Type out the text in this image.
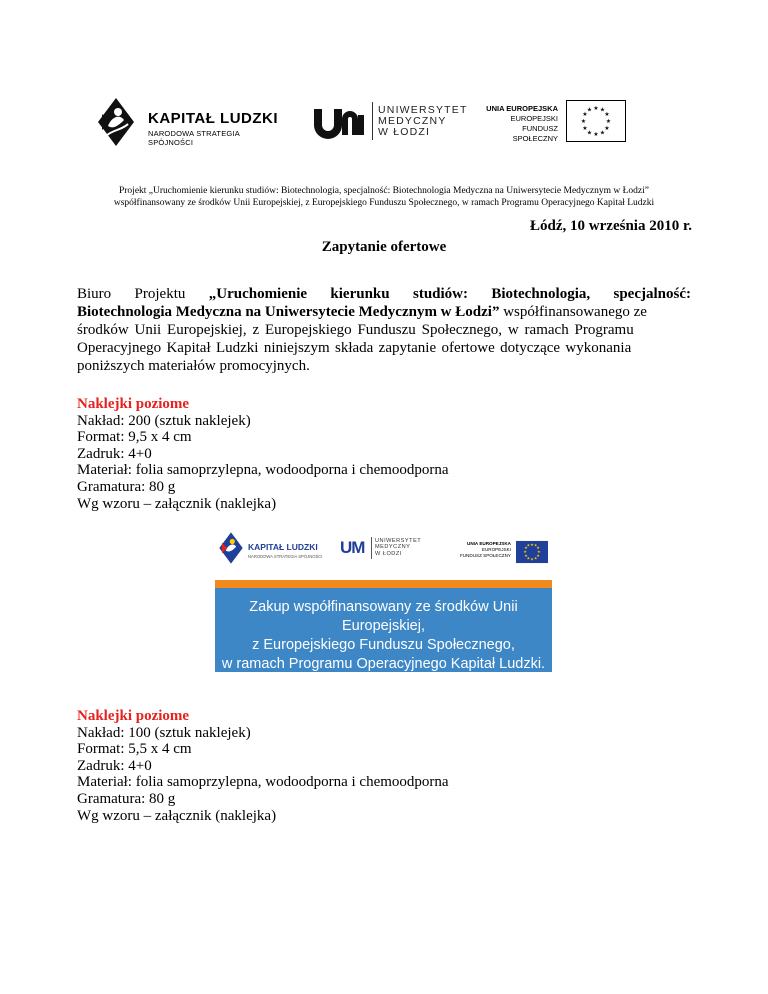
KAPITAŁ LUDZKI
NARODOWA STRATEGIA SPÓJNOŚCI
UNIWERSYTET
MEDYCZNY
W ŁODZI
UNIA EUROPEJSKA
EUROPEJSKI
FUNDUSZ SPOŁECZNY
★ ★
★
★
★
★
★
★
★
★
★
★
Projekt „Uruchomienie kierunku studiów: Biotechnologia, specjalność: Biotechnologia Medyczna na Uniwersytecie Medycznym w Łodzi”
współfinansowany ze środków Unii Europejskiej, z Europejskiego Funduszu Społecznego, w ramach Programu Operacyjnego Kapitał Ludzki
Łódź, 10 września 2010 r.
Zapytanie ofertowe
Biuro Projektu „Uruchomienie kierunku studiów: Biotechnologia, specjalność:
Biotechnologia Medyczna na Uniwersytecie Medycznym w Łodzi” współfinansowanego ze
środków Unii Europejskiej, z Europejskiego Funduszu Społecznego, w ramach Programu
Operacyjnego Kapitał Ludzki niniejszym składa zapytanie ofertowe dotyczące wykonania
poniższych materiałów promocyjnych.
Naklejki poziome
Nakład: 200 (sztuk naklejek)
Format: 9,5 x 4 cm
Zadruk: 4+0
Materiał: folia samoprzylepna, wodoodporna i chemoodporna
Gramatura: 80 g
Wg wzoru – załącznik (naklejka)
KAPITAŁ LUDZKI
NARODOWA STRATEGIA SPÓJNOŚCI UM UNIWERSYTET
MEDYCZNY
W ŁODZI
UNIA EUROPEJSKA
EUROPEJSKI
FUNDUSZ SPOŁECZNY
★ ★ ★
★
★
★
★
★
★
★
★ ★
Zakup współfinansowany ze środków Unii Europejskiej,
z Europejskiego Funduszu Społecznego,
w ramach Programu Operacyjnego Kapitał Ludzki.
Naklejki poziome
Nakład: 100 (sztuk naklejek)
Format: 5,5 x 4 cm
Zadruk: 4+0
Materiał: folia samoprzylepna, wodoodporna i chemoodporna
Gramatura: 80 g
Wg wzoru – załącznik (naklejka)
